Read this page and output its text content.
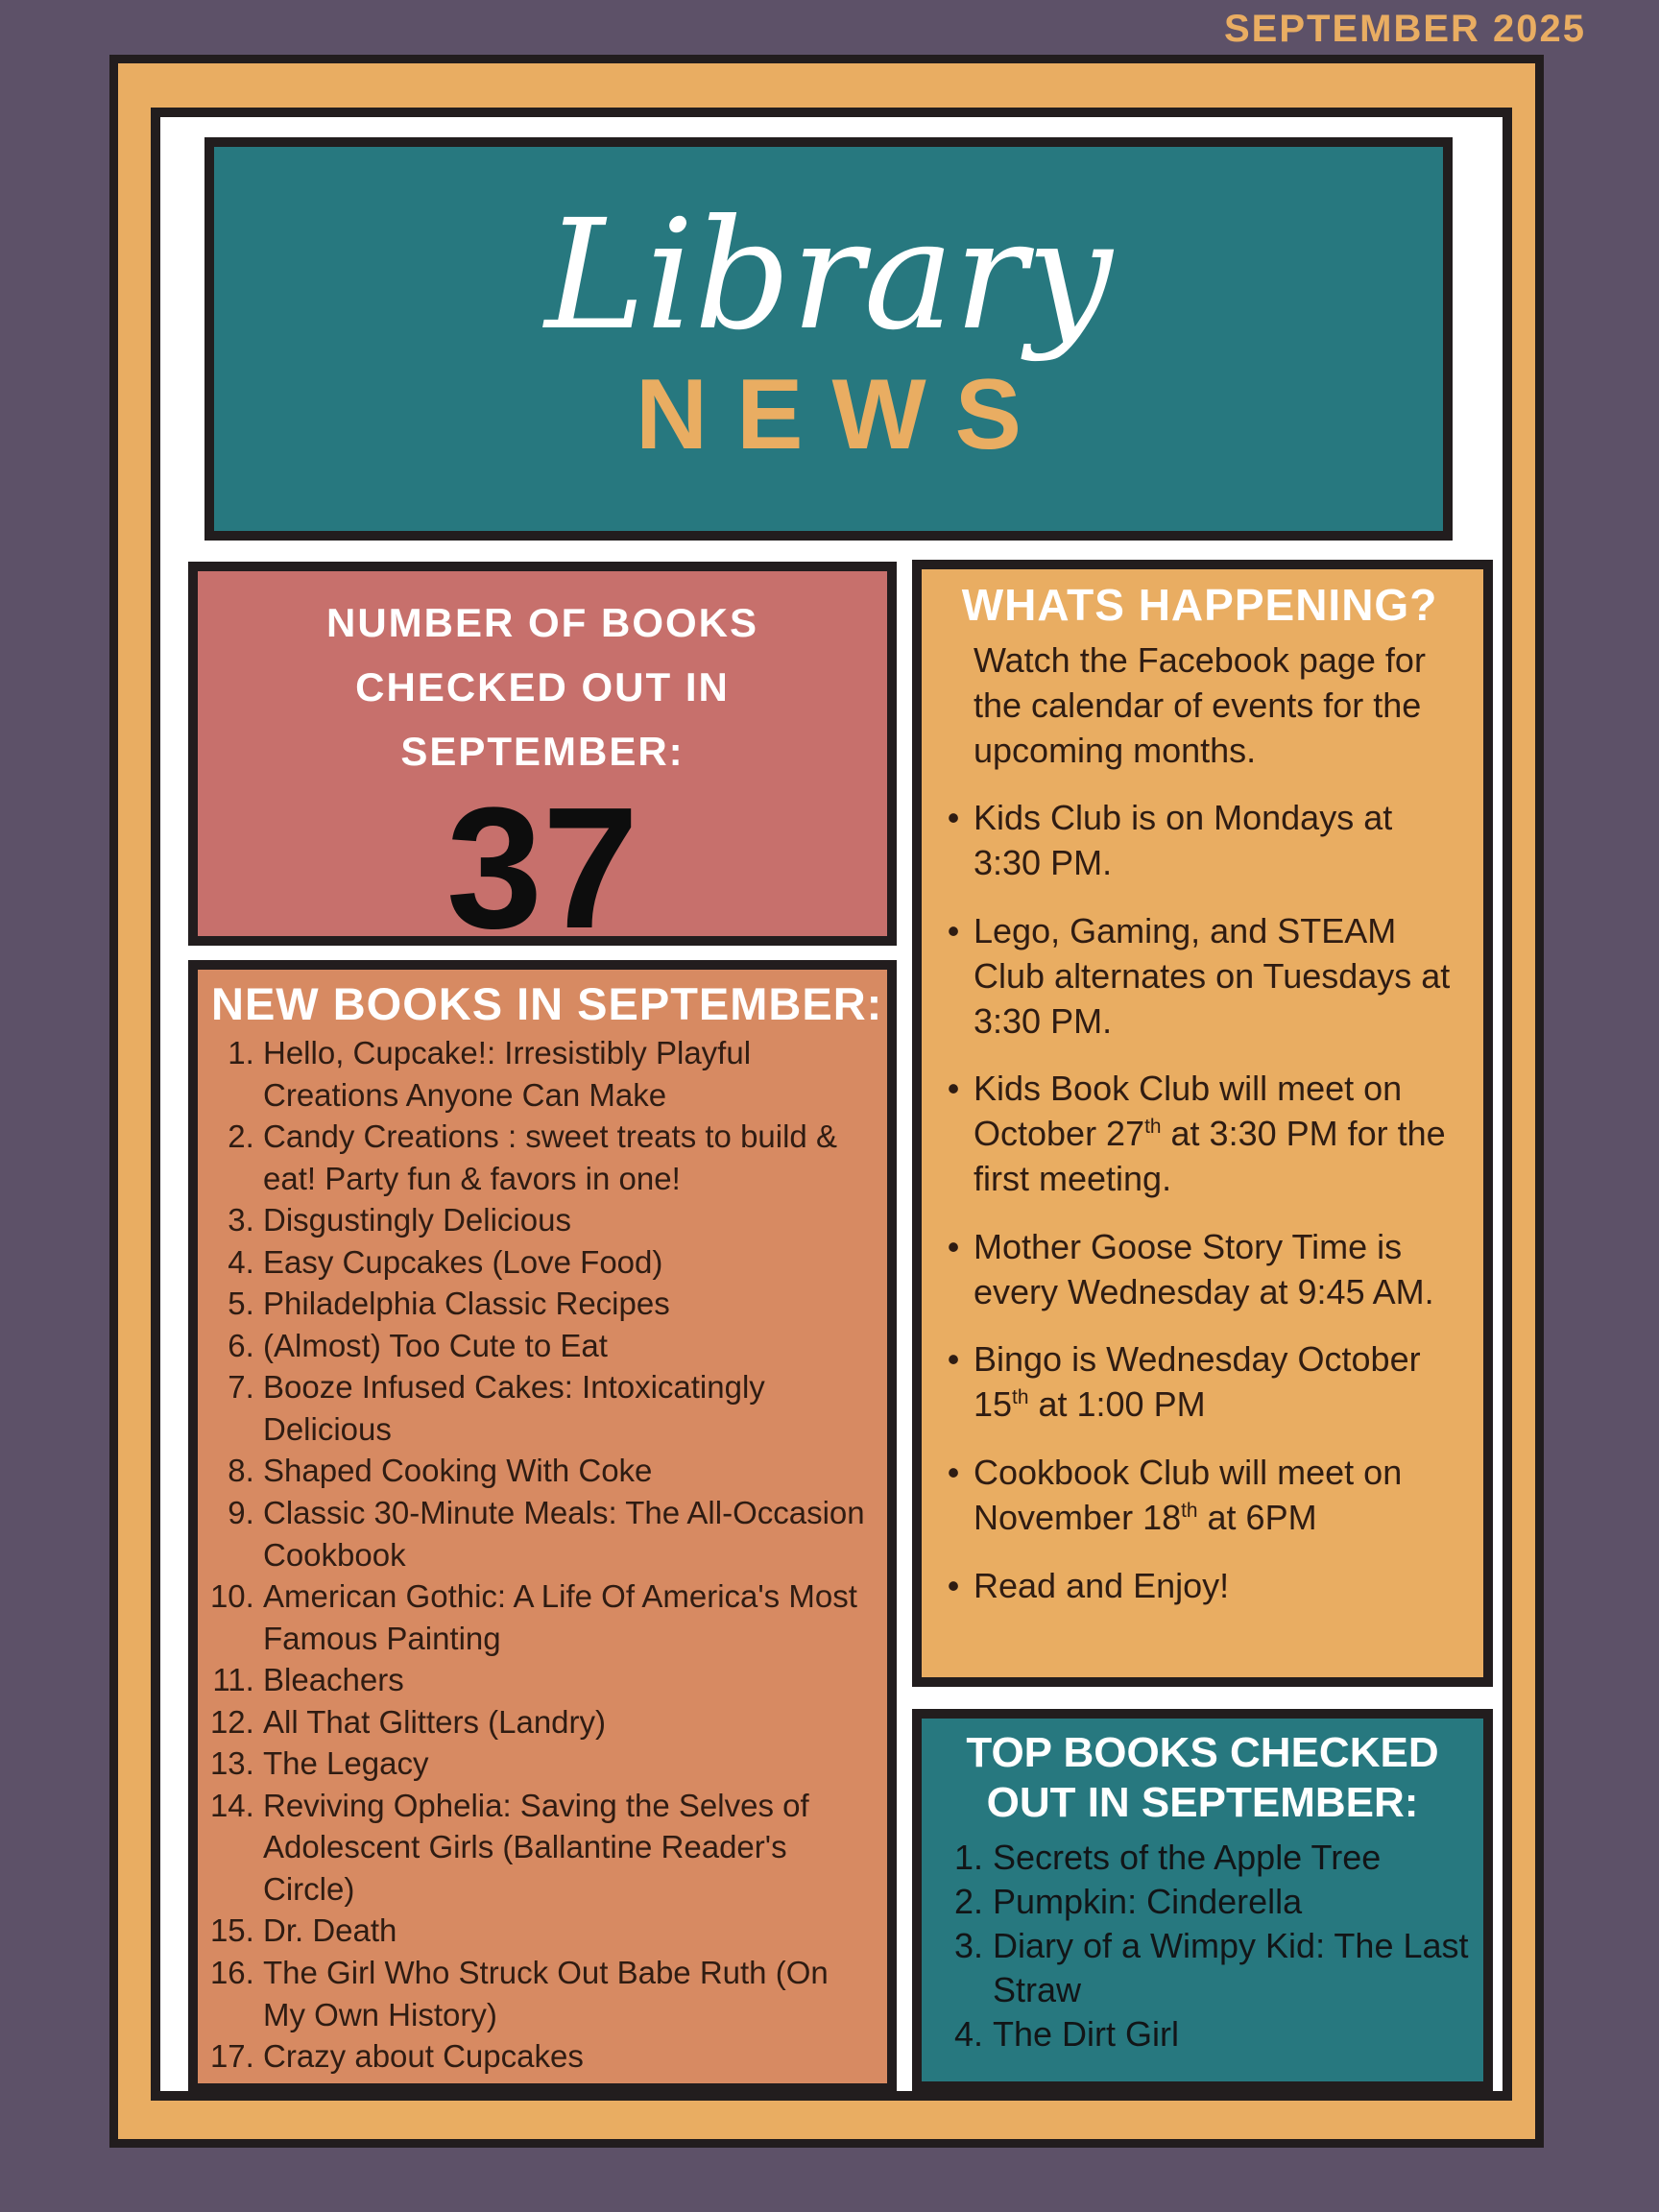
SEPTEMBER 2025
Library
NEWS
NUMBER OF BOOKS
CHECKED OUT IN
SEPTEMBER:
37
NEW BOOKS IN SEPTEMBER:
1. Hello, Cupcake!: Irresistibly Playful Creations Anyone Can Make
2. Candy Creations : sweet treats to build & eat! Party fun & favors in one!
3. Disgustingly Delicious
4. Easy Cupcakes (Love Food)
5. Philadelphia Classic Recipes
6. (Almost) Too Cute to Eat
7. Booze Infused Cakes: Intoxicatingly Delicious
8. Shaped Cooking With Coke
9. Classic 30-Minute Meals: The All-Occasion Cookbook
10. American Gothic: A Life Of America's Most Famous Painting
11. Bleachers
12. All That Glitters (Landry)
13. The Legacy
14. Reviving Ophelia: Saving the Selves of Adolescent Girls (Ballantine Reader's Circle)
15. Dr. Death
16. The Girl Who Struck Out Babe Ruth (On My Own History)
17. Crazy about Cupcakes
WHATS HAPPENING?
Watch the Facebook page for the calendar of events for the upcoming months.
• Kids Club is on Mondays at 3:30 PM.
• Lego, Gaming, and STEAM Club alternates on Tuesdays at 3:30 PM.
• Kids Book Club will meet on October 27th at 3:30 PM for the first meeting.
• Mother Goose Story Time is every Wednesday at 9:45 AM.
• Bingo is Wednesday October 15th at 1:00 PM
• Cookbook Club will meet on November 18th at 6PM
• Read and Enjoy!
TOP BOOKS CHECKED
OUT IN SEPTEMBER:
1. Secrets of the Apple Tree
2. Pumpkin: Cinderella
3. Diary of a Wimpy Kid: The Last Straw
4. The Dirt Girl
